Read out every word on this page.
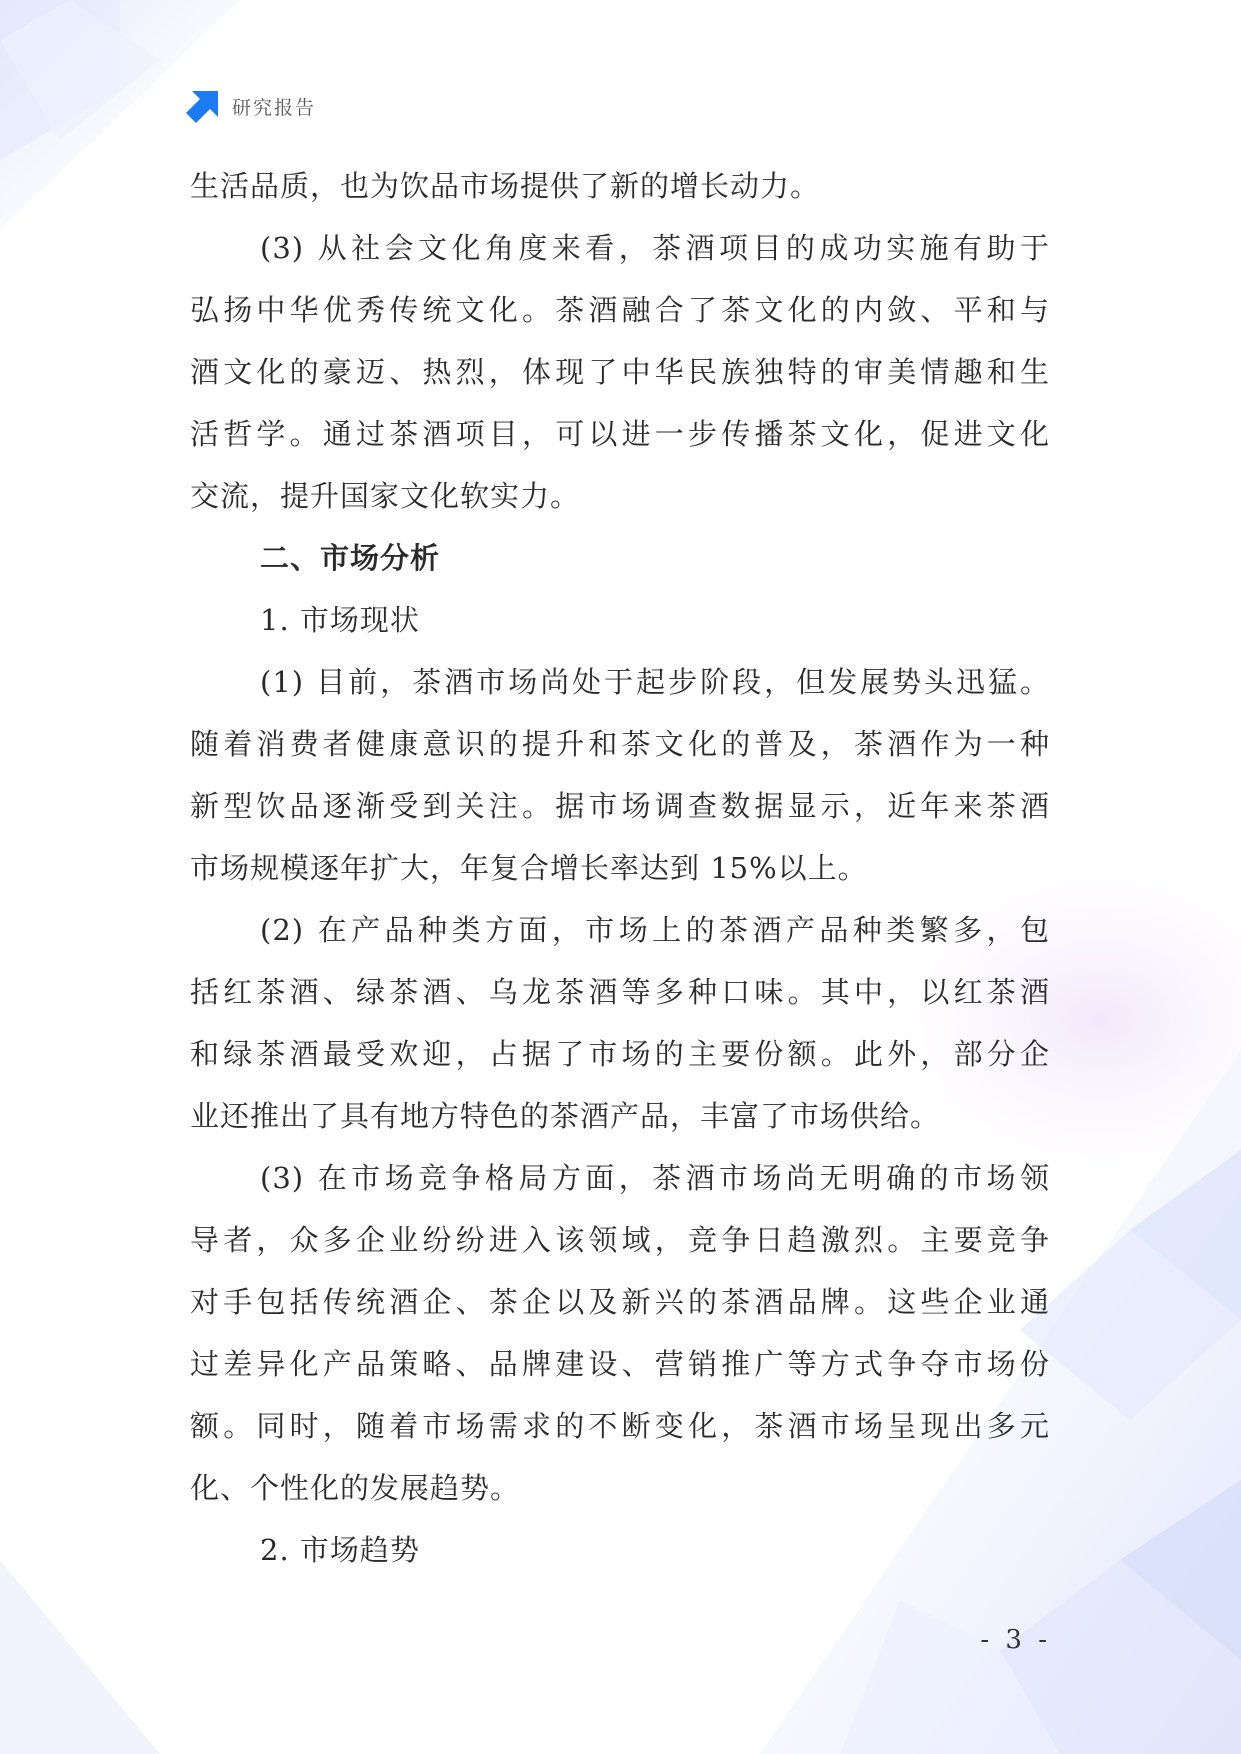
研究报告
生活品质，也为饮品市场提供了新的增长动力。
(3) 从社会文化角度来看，茶酒项目的成功实施有助于
弘扬中华优秀传统文化。茶酒融合了茶文化的内敛、平和与
酒文化的豪迈、热烈，体现了中华民族独特的审美情趣和生
活哲学。通过茶酒项目，可以进一步传播茶文化，促进文化
交流，提升国家文化软实力。
二、市场分析
1. 市场现状
(1) 目前，茶酒市场尚处于起步阶段，但发展势头迅猛。
随着消费者健康意识的提升和茶文化的普及，茶酒作为一种
新型饮品逐渐受到关注。据市场调查数据显示，近年来茶酒
市场规模逐年扩大，年复合增长率达到 15%以上。
(2) 在产品种类方面，市场上的茶酒产品种类繁多，包
括红茶酒、绿茶酒、乌龙茶酒等多种口味。其中，以红茶酒
和绿茶酒最受欢迎，占据了市场的主要份额。此外，部分企
业还推出了具有地方特色的茶酒产品，丰富了市场供给。
(3) 在市场竞争格局方面，茶酒市场尚无明确的市场领
导者，众多企业纷纷进入该领域，竞争日趋激烈。主要竞争
对手包括传统酒企、茶企以及新兴的茶酒品牌。这些企业通
过差异化产品策略、品牌建设、营销推广等方式争夺市场份
额。同时，随着市场需求的不断变化，茶酒市场呈现出多元
化、个性化的发展趋势。
2. 市场趋势
- 3 -
